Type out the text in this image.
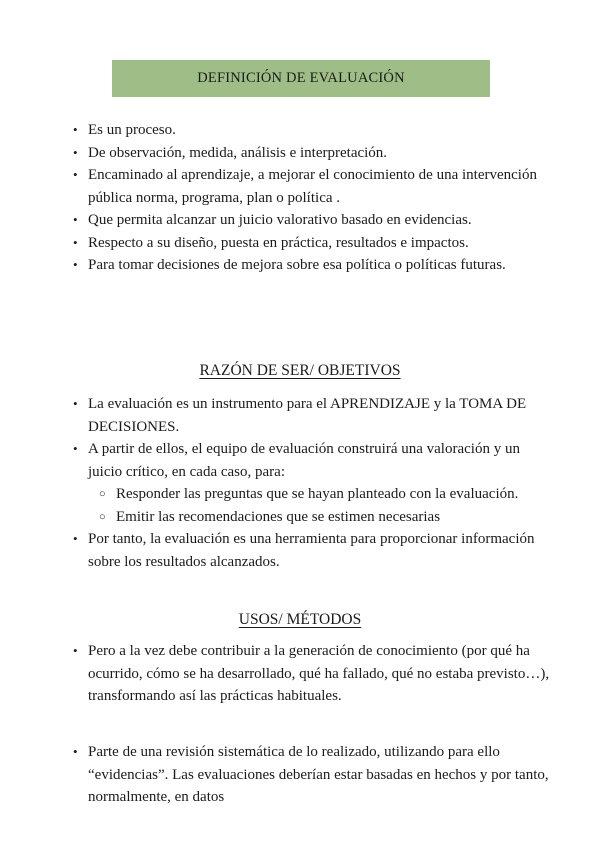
DEFINICIÓN DE EVALUACIÓN
• Es un proceso.
• De observación, medida, análisis e interpretación.
• Encaminado al aprendizaje, a mejorar el conocimiento de una intervención pública norma, programa, plan o política .
• Que permita alcanzar un juicio valorativo basado en evidencias.
• Respecto a su diseño, puesta en práctica, resultados e impactos.
• Para tomar decisiones de mejora sobre esa política o políticas futuras.
RAZÓN DE SER/ OBJETIVOS
• La evaluación es un instrumento para el APRENDIZAJE y la TOMA DE DECISIONES.
• A partir de ellos, el equipo de evaluación construirá una valoración y un juicio crítico, en cada caso, para:
○ Responder las preguntas que se hayan planteado con la evaluación.
○ Emitir las recomendaciones que se estimen necesarias
• Por tanto, la evaluación es una herramienta para proporcionar información sobre los resultados alcanzados.
USOS/ MÉTODOS
• Pero a la vez debe contribuir a la generación de conocimiento (por qué ha ocurrido, cómo se ha desarrollado, qué ha fallado, qué no estaba previsto…), transformando así las prácticas habituales.
• Parte de una revisión sistemática de lo realizado, utilizando para ello “evidencias”. Las evaluaciones deberían estar basadas en hechos y por tanto, normalmente, en datos
